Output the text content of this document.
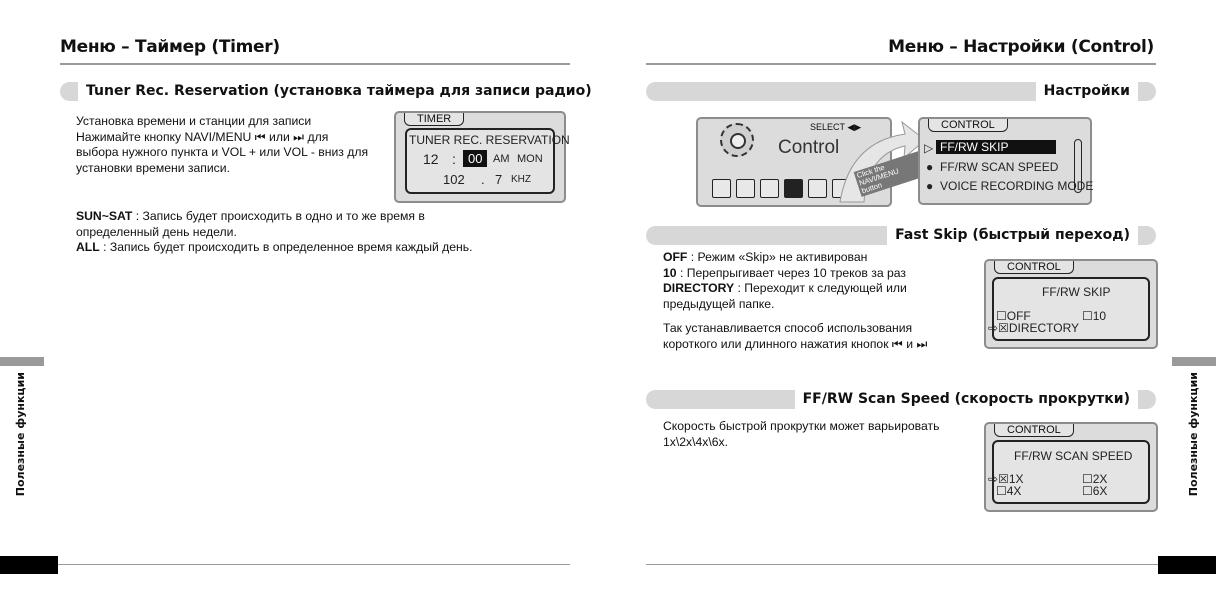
Меню – Таймер (Timer)
Tuner Rec. Reservation (установка таймера для записи радио)
Установка времени и станции для записи
Нажимайте кнопку NAVI/MENU ⏮ или ⏭ для
выбора нужного пункта и VOL + или VOL - вниз для
установки времени записи.
TIMER
TUNER REC. RESERVATION
12 : 00 AM MON
102 . 7 KHZ
SUN~SAT : Запись будет происходить в одно и то же время в
определенный день недели.
ALL : Запись будет происходить в определенное время каждый день.
Полезные функции
Меню – Настройки (Control)
Настройки
SELECT ◀▶
Control
Click the NAVI/MENU button
CONTROL
▷ FF/RW SKIP
● FF/RW SCAN SPEED
● VOICE RECORDING MODE
Fast Skip (быстрый переход)
OFF : Режим «Skip» не активирован
10 : Перепрыгивает через 10 треков за раз
DIRECTORY : Переходит к следующей или
предыдущей папке.
Так устанавливается способ использования
короткого или длинного нажатия кнопок ⏮ и ⏭
CONTROL
FF/RW SKIP
☐OFF	☐10
⇨☒DIRECTORY
FF/RW Scan Speed (скорость прокрутки)
Скорость быстрой прокрутки может варьировать
1x\2x\4x\6x.
CONTROL
FF/RW SCAN SPEED
⇨☒1X	☐2X
☐4X	☐6X	Полезные функции
